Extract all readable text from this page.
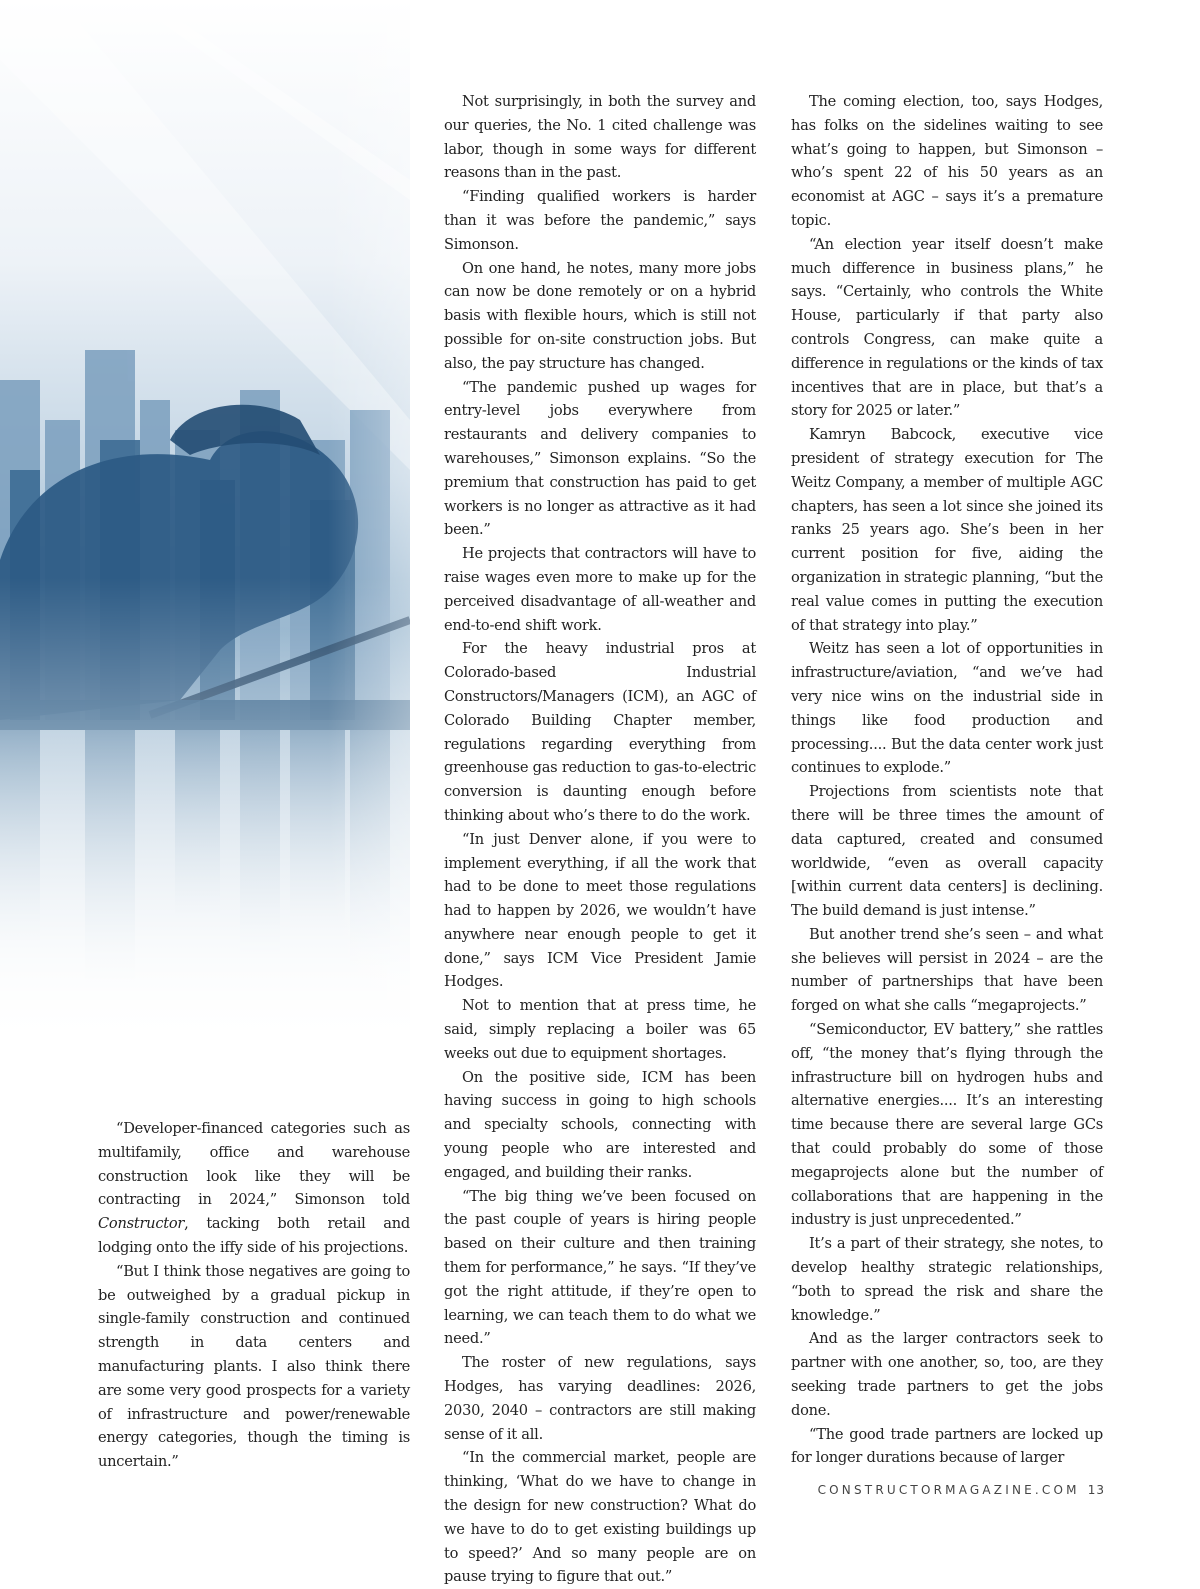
“Developer-financed categories such as multifamily, office and warehouse construction look like they will be contracting in 2024,” Simonson told Constructor, tacking both retail and lodging onto the iffy side of his projections.

“But I think those negatives are going to be outweighed by a gradual pickup in single-family construction and continued strength in data centers and manufacturing plants. I also think there are some very good prospects for a variety of infrastructure and power/renewable energy categories, though the timing is uncertain.”

Not surprisingly, in both the survey and our queries, the No. 1 cited challenge was labor, though in some ways for different reasons than in the past.

“Finding qualified workers is harder than it was before the pandemic,” says Simonson.

On one hand, he notes, many more jobs can now be done remotely or on a hybrid basis with flexible hours, which is still not possible for on-site construction jobs. But also, the pay structure has changed.

“The pandemic pushed up wages for entry-level jobs everywhere from restaurants and delivery companies to warehouses,” Simonson explains. “So the premium that construction has paid to get workers is no longer as attractive as it had been.”

He projects that contractors will have to raise wages even more to make up for the perceived disadvantage of all-weather and end-to-end shift work.

For the heavy industrial pros at Colorado-based Industrial Constructors/Managers (ICM), an AGC of Colorado Building Chapter member, regulations regarding everything from greenhouse gas reduction to gas-to-electric conversion is daunting enough before thinking about who’s there to do the work.

“In just Denver alone, if you were to implement everything, if all the work that had to be done to meet those regulations had to happen by 2026, we wouldn’t have anywhere near enough people to get it done,” says ICM Vice President Jamie Hodges.

Not to mention that at press time, he said, simply replacing a boiler was 65 weeks out due to equipment shortages.

On the positive side, ICM has been having success in going to high schools and specialty schools, connecting with young people who are interested and engaged, and building their ranks.

“The big thing we’ve been focused on the past couple of years is hiring people based on their culture and then training them for performance,” he says. “If they’ve got the right attitude, if they’re open to learning, we can teach them to do what we need.”

The roster of new regulations, says Hodges, has varying deadlines: 2026, 2030, 2040 – contractors are still making sense of it all.

“In the commercial market, people are thinking, ‘What do we have to change in the design for new construction? What do we have to do to get existing buildings up to speed?’ And so many people are on pause trying to figure that out.”

The coming election, too, says Hodges, has folks on the sidelines waiting to see what’s going to happen, but Simonson – who’s spent 22 of his 50 years as an economist at AGC – says it’s a premature topic.

“An election year itself doesn’t make much difference in business plans,” he says. “Certainly, who controls the White House, particularly if that party also controls Congress, can make quite a difference in regulations or the kinds of tax incentives that are in place, but that’s a story for 2025 or later.”

Kamryn Babcock, executive vice president of strategy execution for The Weitz Company, a member of multiple AGC chapters, has seen a lot since she joined its ranks 25 years ago. She’s been in her current position for five, aiding the organization in strategic planning, “but the real value comes in putting the execution of that strategy into play.”

Weitz has seen a lot of opportunities in infrastructure/aviation, “and we’ve had very nice wins on the industrial side in things like food production and processing.... But the data center work just continues to explode.”

Projections from scientists note that there will be three times the amount of data captured, created and consumed worldwide, “even as overall capacity [within current data centers] is declining. The build demand is just intense.”

But another trend she’s seen – and what she believes will persist in 2024 – are the number of partnerships that have been forged on what she calls “megaprojects.”

“Semiconductor, EV battery,” she rattles off, “the money that’s flying through the infrastructure bill on hydrogen hubs and alternative energies.... It’s an interesting time because there are several large GCs that could probably do some of those megaprojects alone but the number of collaborations that are happening in the industry is just unprecedented.”

It’s a part of their strategy, she notes, to develop healthy strategic relationships, “both to spread the risk and share the knowledge.”

And as the larger contractors seek to partner with one another, so, too, are they seeking trade partners to get the jobs done.

“The good trade partners are locked up for longer durations because of larger

CONSTRUCTORMAGAZINE.COM 13
